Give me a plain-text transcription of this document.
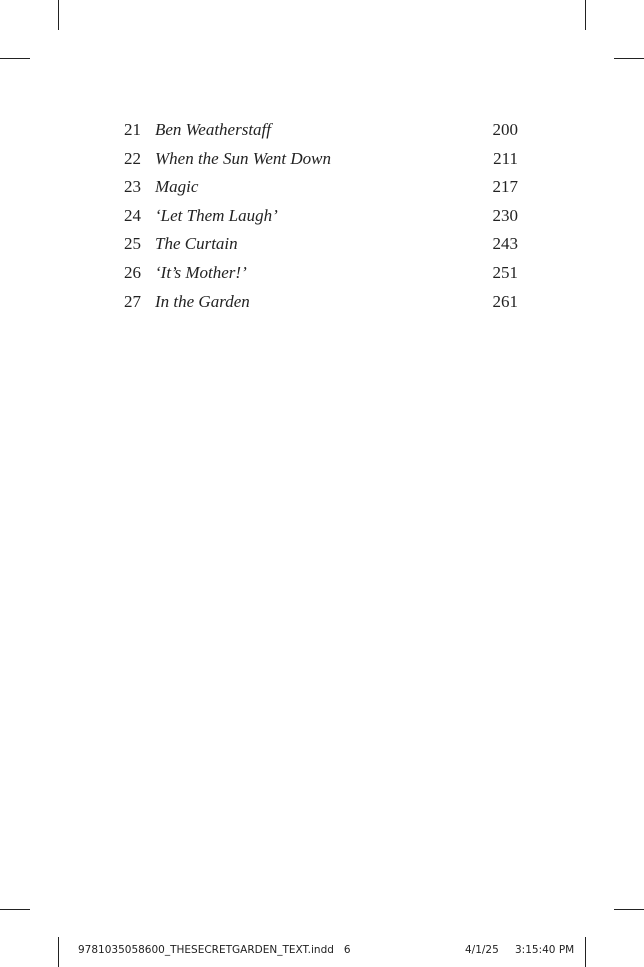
21 Ben Weatherstaff	200
22 When the Sun Went Down	211
23 Magic	217
24 ‘Let Them Laugh’	230
25 The Curtain	243
26 ‘It’s Mother!’	251
27 In the Garden	261
9781035058600_THESECRETGARDEN_TEXT.indd   6	4/1/25 3:15:40 PM
